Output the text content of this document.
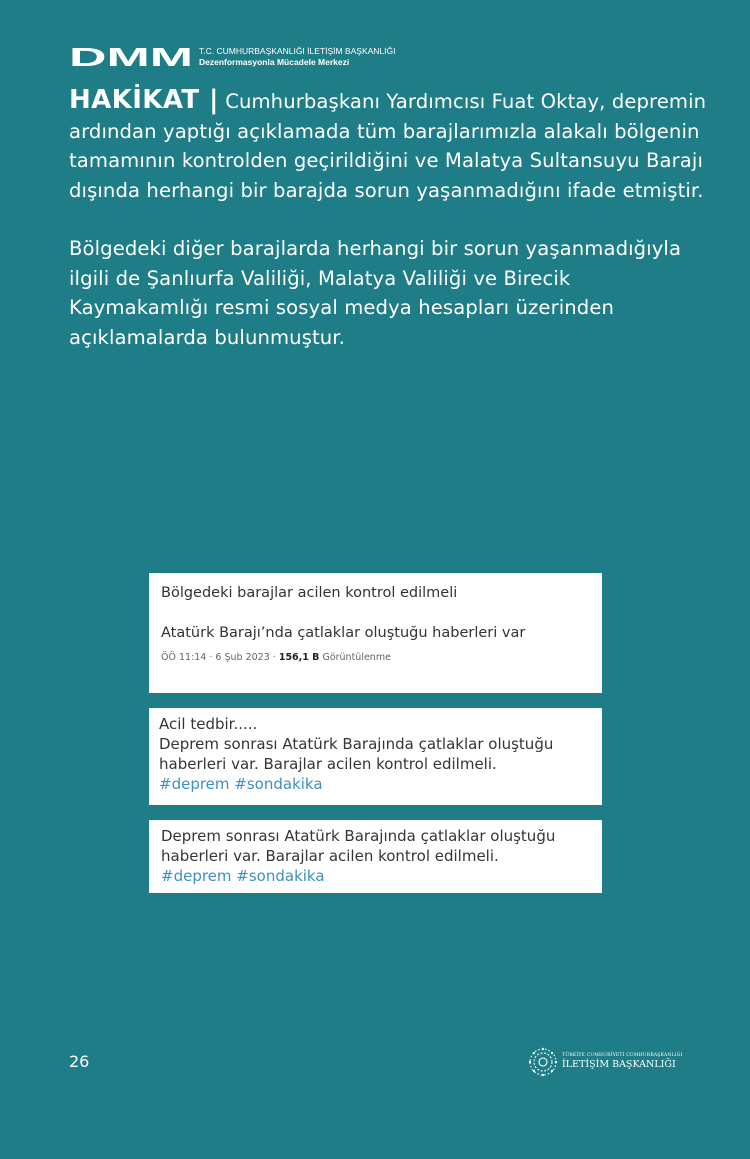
DMM T.C. CUMHURBAŞKANLIĞI İLETİŞİM BAŞKANLIĞI
Dezenformasyonla Mücadele Merkezi

HAKİKAT | Cumhurbaşkanı Yardımcısı Fuat Oktay, depremin ardından yaptığı açıklamada tüm barajlarımızla alakalı bölgenin tamamının kontrolden geçirildiğini ve Malatya Sultansuyu Barajı dışında herhangi bir barajda sorun yaşanmadığını ifade etmiştir.

Bölgedeki diğer barajlarda herhangi bir sorun yaşanmadığıyla ilgili de Şanlıurfa Valiliği, Malatya Valiliği ve Birecik Kaymakamlığı resmi sosyal medya hesapları üzerinden açıklamalarda bulunmuştur.

Bölgedeki barajlar acilen kontrol edilmeli
Atatürk Barajı’nda çatlaklar oluştuğu haberleri var
ÖÖ 11:14 · 6 Şub 2023 · 156,1 B Görüntülenme
Acil tedbir.....
Deprem sonrası Atatürk Barajında çatlaklar oluştuğu
haberleri var. Barajlar acilen kontrol edilmeli.
#deprem #sondakika
Deprem sonrası Atatürk Barajında çatlaklar oluştuğu
haberleri var. Barajlar acilen kontrol edilmeli.
#deprem #sondakika
26	TÜRKİYE CUMHURİYETİ CUMHURBAŞKANLIĞI
İLETİŞİM BAŞKANLIĞI
